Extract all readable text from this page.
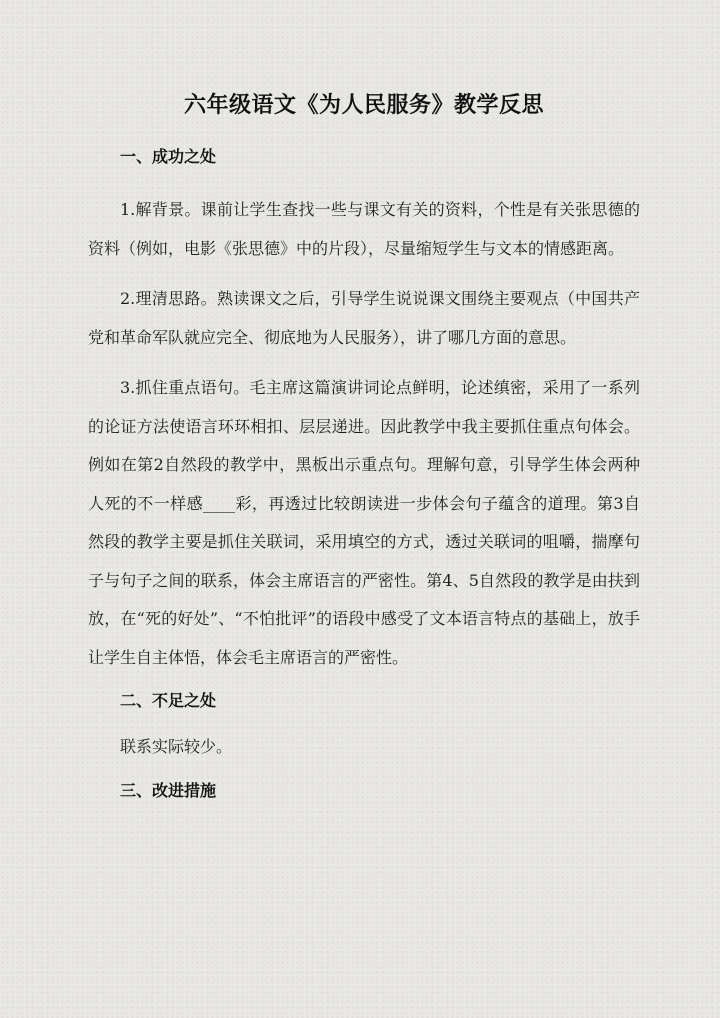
六年级语文《为人民服务》教学反思
一、成功之处

1.解背景。课前让学生查找一些与课文有关的资料，个性是有关张思德的资料（例如，电影《张思德》中的片段），尽量缩短学生与文本的情感距离。

2.理清思路。熟读课文之后，引导学生说说课文围绕主要观点（中国共产党和革命军队就应完全、彻底地为人民服务），讲了哪几方面的意思。

3.抓住重点语句。毛主席这篇演讲词论点鲜明，论述缜密，采用了一系列的论证方法使语言环环相扣、层层递进。因此教学中我主要抓住重点句体会。例如在第2自然段的教学中，黑板出示重点句。理解句意，引导学生体会两种人死的不一样感____彩，再透过比较朗读进一步体会句子蕴含的道理。第3自然段的教学主要是抓住关联词，采用填空的方式，透过关联词的咀嚼，揣摩句子与句子之间的联系，体会主席语言的严密性。第4、5自然段的教学是由扶到放，在“死的好处”、“不怕批评”的语段中感受了文本语言特点的基础上，放手让学生自主体悟，体会毛主席语言的严密性。

二、不足之处
联系实际较少。
三、改进措施
